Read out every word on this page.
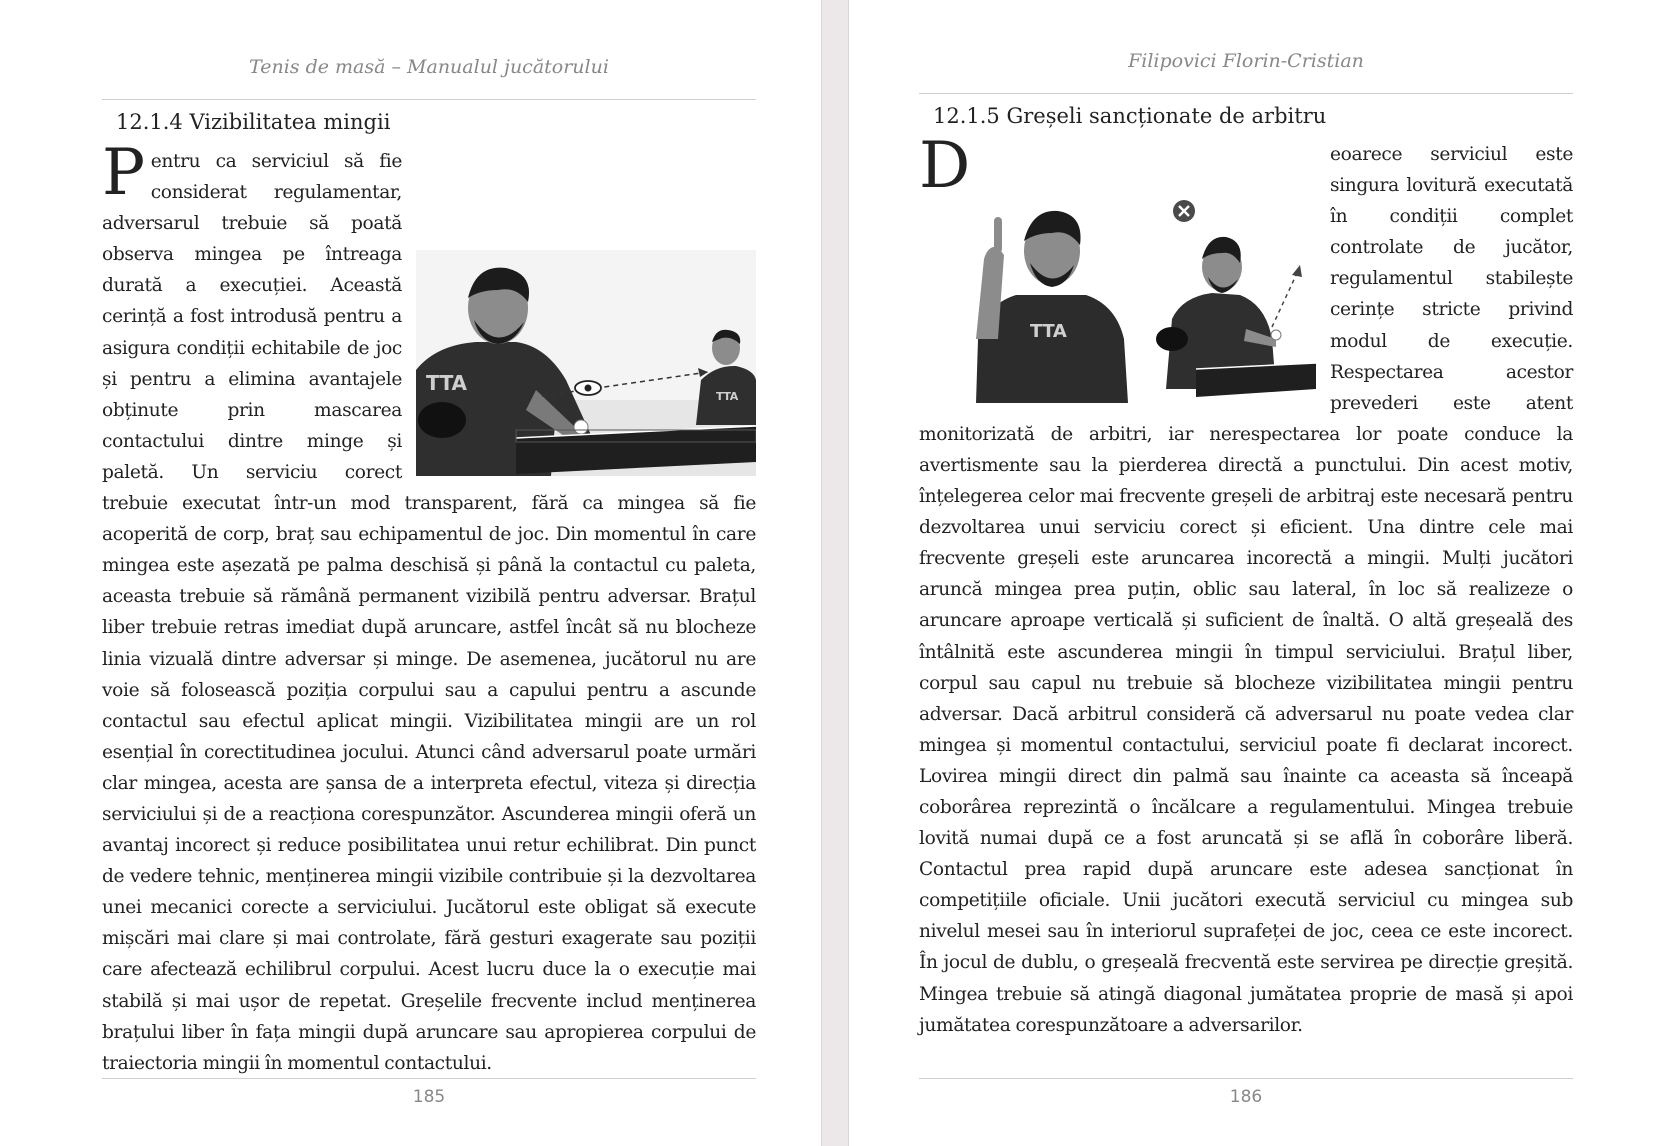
Tenis de masă – Manualul jucătorului
12.1.4 Vizibilitatea mingii
P
TTA
TTA
entru ca serviciul să fie considerat regulamentar, adversarul trebuie să poată observa mingea pe întreaga durată a execuției. Această cerință a fost introdusă pentru a asigura condiții echitabile de joc și pentru a elimina avantajele obținute prin mascarea contactului dintre minge și paletă. Un serviciu corect trebuie executat într-un mod transparent, fără ca mingea să fie acoperită de corp, braț sau echipamentul de joc. Din momentul în care mingea este așezată pe palma deschisă și până la contactul cu paleta, aceasta trebuie să rămână permanent vizibilă pentru adversar. Brațul liber trebuie retras imediat după aruncare, astfel încât să nu blocheze linia vizuală dintre adversar și minge. De asemenea, jucătorul nu are voie să folosească poziția corpului sau a capului pentru a ascunde contactul sau efectul aplicat mingii. Vizibilitatea mingii are un rol esențial în corectitudinea jocului. Atunci când adversarul poate urmări clar mingea, acesta are șansa de a interpreta efectul, viteza și direcția serviciului și de a reacționa corespunzător. Ascunderea mingii oferă un avantaj incorect și reduce posibilitatea unui retur echilibrat. Din punct de vedere tehnic, menținerea mingii vizibile contribuie și la dezvoltarea unei mecanici corecte a serviciului. Jucătorul este obligat să execute mișcări mai clare și mai controlate, fără gesturi exagerate sau poziții care afectează echilibrul corpului. Acest lucru duce la o execuție mai stabilă și mai ușor de repetat. Greșelile frecvente includ menținerea brațului liber în fața mingii după aruncare sau apropierea corpului de traiectoria mingii în momentul contactului.
185
Filipovici Florin-Cristian
12.1.5 Greșeli sancționate de arbitru
D
TTA
eoarece serviciul este singura lovitură executată în condiții complet controlate de jucător, regulamentul stabilește cerințe stricte privind modul de execuție. Respectarea acestor prevederi este atent monitorizată de arbitri, iar nerespectarea lor poate conduce la avertismente sau la pierderea directă a punctului. Din acest motiv, înțelegerea celor mai frecvente greșeli de arbitraj este necesară pentru dezvoltarea unui serviciu corect și eficient. Una dintre cele mai frecvente greșeli este aruncarea incorectă a mingii. Mulți jucători aruncă mingea prea puțin, oblic sau lateral, în loc să realizeze o aruncare aproape verticală și suficient de înaltă. O altă greșeală des întâlnită este ascunderea mingii în timpul serviciului. Brațul liber, corpul sau capul nu trebuie să blocheze vizibilitatea mingii pentru adversar. Dacă arbitrul consideră că adversarul nu poate vedea clar mingea și momentul contactului, serviciul poate fi declarat incorect. Lovirea mingii direct din palmă sau înainte ca aceasta să înceapă coborârea reprezintă o încălcare a regulamentului. Mingea trebuie lovită numai după ce a fost aruncată și se află în coborâre liberă. Contactul prea rapid după aruncare este adesea sancționat în competițiile oficiale. Unii jucători execută serviciul cu mingea sub nivelul mesei sau în interiorul suprafeței de joc, ceea ce este incorect. În jocul de dublu, o greșeală frecventă este servirea pe direcție greșită. Mingea trebuie să atingă diagonal jumătatea proprie de masă și apoi jumătatea corespunzătoare a adversarilor.
186
